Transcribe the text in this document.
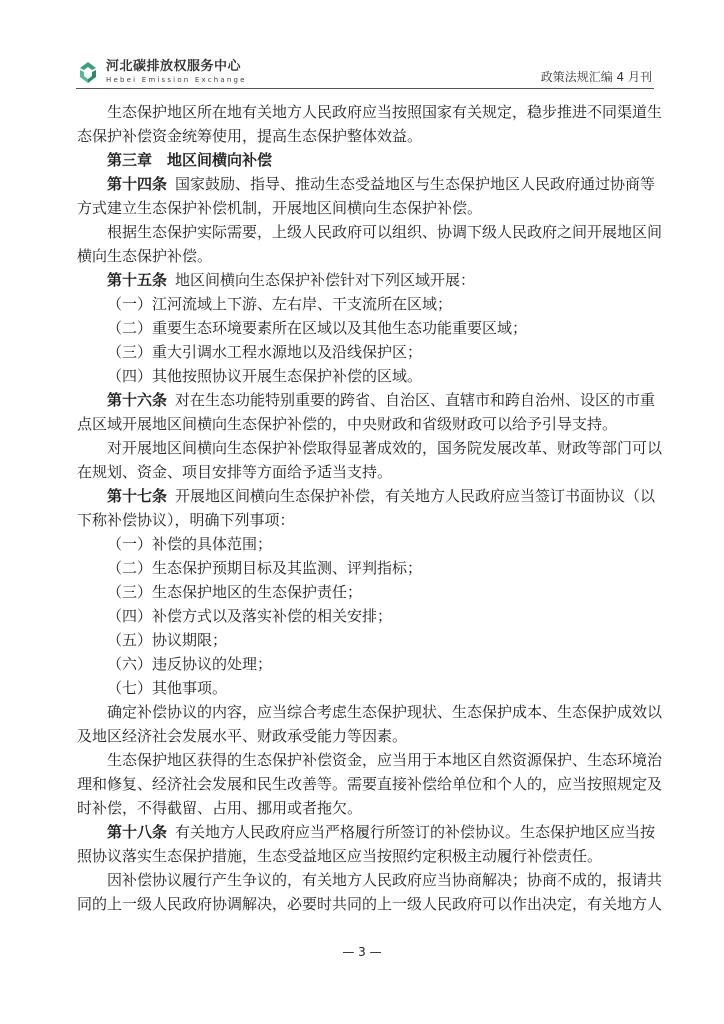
河北碳排放权服务中心
Hebei Emission Exchange	政策法规汇编 4 月刊
生态保护地区所在地有关地方人民政府应当按照国家有关规定，稳步推进不同渠道生
态保护补偿资金统筹使用，提高生态保护整体效益。
第三章　地区间横向补偿
第十四条 国家鼓励、指导、推动生态受益地区与生态保护地区人民政府通过协商等
方式建立生态保护补偿机制，开展地区间横向生态保护补偿。
根据生态保护实际需要，上级人民政府可以组织、协调下级人民政府之间开展地区间
横向生态保护补偿。
第十五条 地区间横向生态保护补偿针对下列区域开展：
（一）江河流域上下游、左右岸、干支流所在区域；
（二）重要生态环境要素所在区域以及其他生态功能重要区域；
（三）重大引调水工程水源地以及沿线保护区；
（四）其他按照协议开展生态保护补偿的区域。
第十六条 对在生态功能特别重要的跨省、自治区、直辖市和跨自治州、设区的市重
点区域开展地区间横向生态保护补偿的，中央财政和省级财政可以给予引导支持。
对开展地区间横向生态保护补偿取得显著成效的，国务院发展改革、财政等部门可以
在规划、资金、项目安排等方面给予适当支持。
第十七条 开展地区间横向生态保护补偿，有关地方人民政府应当签订书面协议（以
下称补偿协议），明确下列事项：
（一）补偿的具体范围；
（二）生态保护预期目标及其监测、评判指标；
（三）生态保护地区的生态保护责任；
（四）补偿方式以及落实补偿的相关安排；
（五）协议期限；
（六）违反协议的处理；
（七）其他事项。
确定补偿协议的内容，应当综合考虑生态保护现状、生态保护成本、生态保护成效以
及地区经济社会发展水平、财政承受能力等因素。
生态保护地区获得的生态保护补偿资金，应当用于本地区自然资源保护、生态环境治
理和修复、经济社会发展和民生改善等。需要直接补偿给单位和个人的，应当按照规定及
时补偿，不得截留、占用、挪用或者拖欠。
第十八条 有关地方人民政府应当严格履行所签订的补偿协议。生态保护地区应当按
照协议落实生态保护措施，生态受益地区应当按照约定积极主动履行补偿责任。
因补偿协议履行产生争议的，有关地方人民政府应当协商解决；协商不成的，报请共
同的上一级人民政府协调解决，必要时共同的上一级人民政府可以作出决定，有关地方人
— 3 —
